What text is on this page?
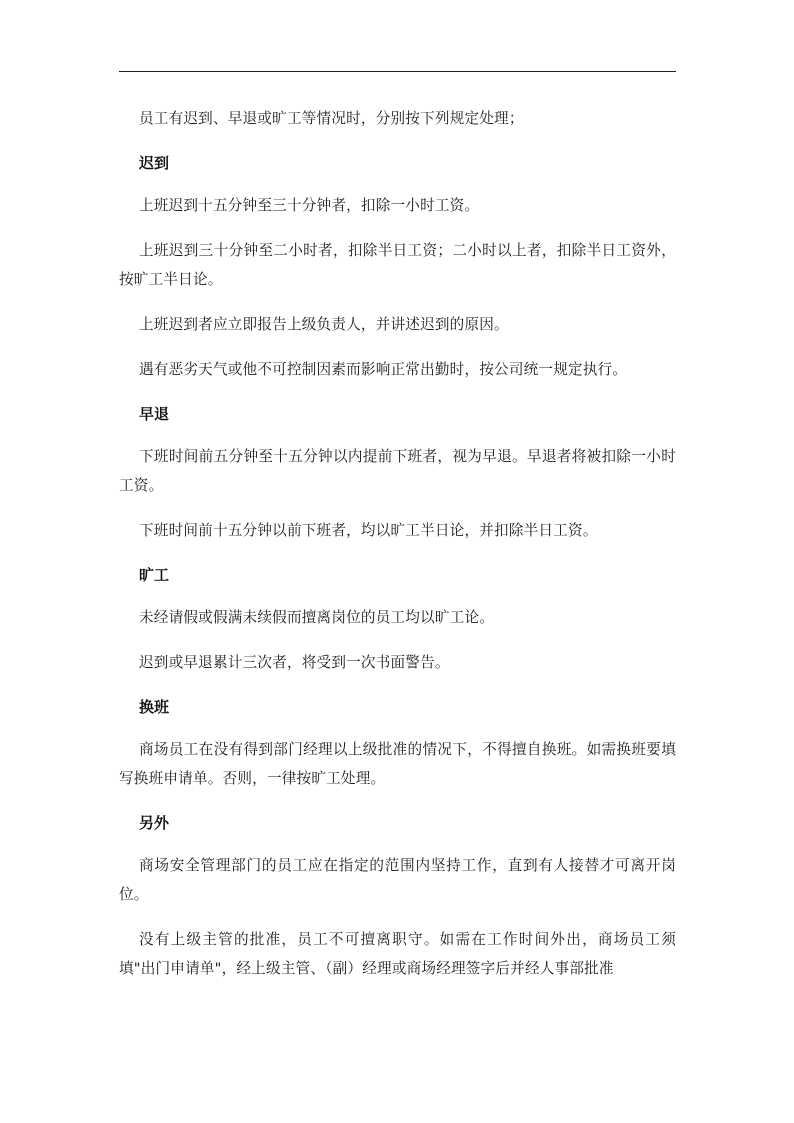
员工有迟到、早退或旷工等情况时，分别按下列规定处理；

迟到

上班迟到十五分钟至三十分钟者，扣除一小时工资。

上班迟到三十分钟至二小时者，扣除半日工资；二小时以上者，扣除半日工资外，按旷工半日论。

上班迟到者应立即报告上级负责人，并讲述迟到的原因。

遇有恶劣天气或他不可控制因素而影响正常出勤时，按公司统一规定执行。

早退

下班时间前五分钟至十五分钟以内提前下班者，视为早退。早退者将被扣除一小时工资。

下班时间前十五分钟以前下班者，均以旷工半日论，并扣除半日工资。

旷工

未经请假或假满未续假而擅离岗位的员工均以旷工论。

迟到或早退累计三次者，将受到一次书面警告。

换班

商场员工在没有得到部门经理以上级批准的情况下，不得擅自换班。如需换班要填写换班申请单。否则，一律按旷工处理。

另外

商场安全管理部门的员工应在指定的范围内坚持工作，直到有人接替才可离开岗位。

没有上级主管的批准，员工不可擅离职守。如需在工作时间外出，商场员工须填"出门申请单"，经上级主管、（副）经理或商场经理签字后并经人事部批准
